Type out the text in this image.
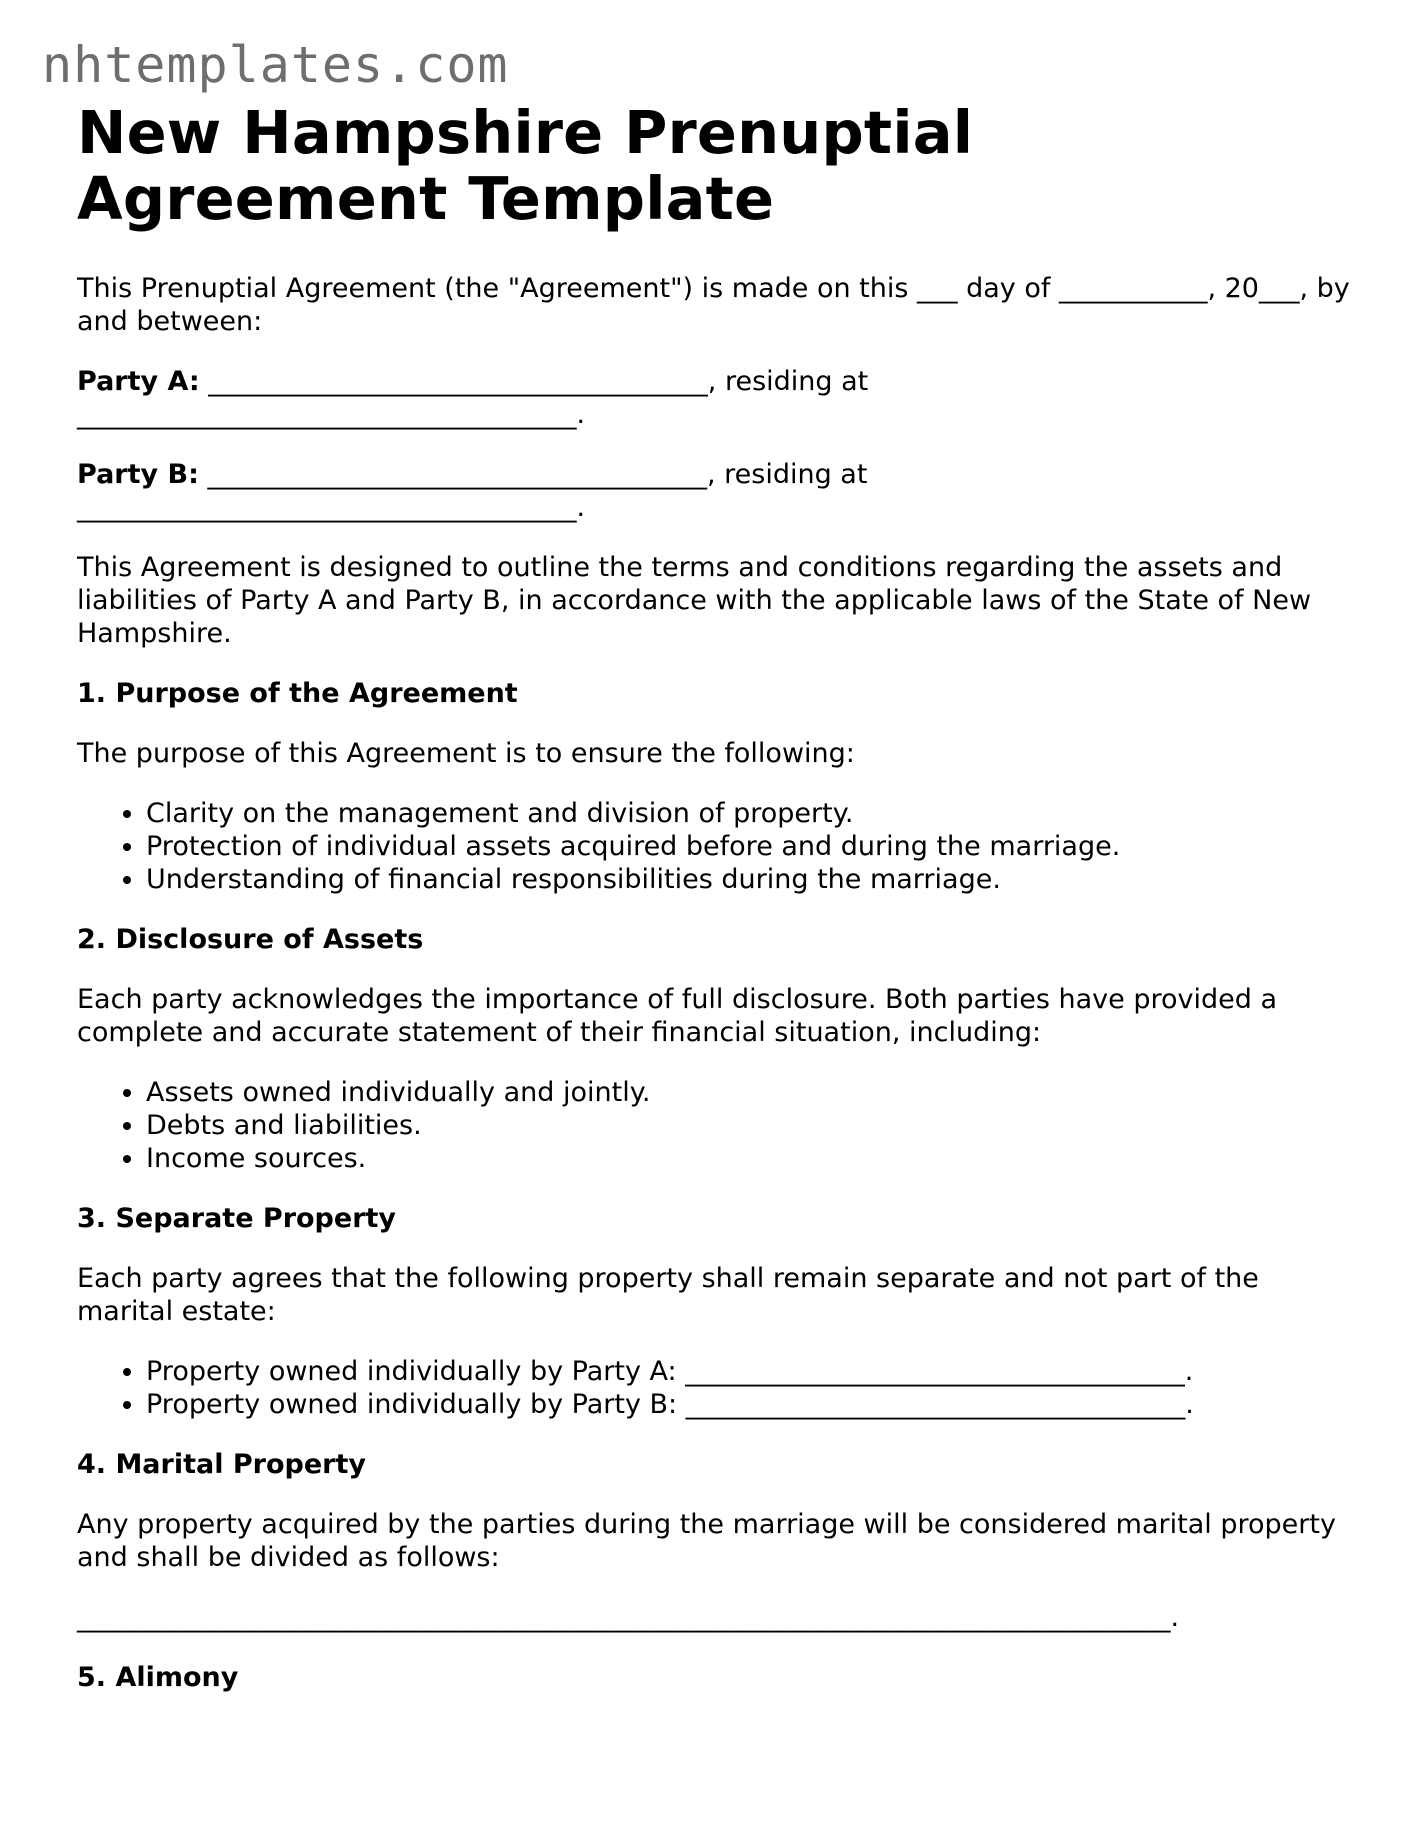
nhtemplates.com
New Hampshire Prenuptial Agreement Template

This Prenuptial Agreement (the "Agreement") is made on this ___ day of ___________, 20___, by and between:

Party A: _____________________________________, residing at _____________________________________.

Party B: _____________________________________, residing at _____________________________________.

This Agreement is designed to outline the terms and conditions regarding the assets and liabilities of Party A and Party B, in accordance with the applicable laws of the State of New Hampshire.

1. Purpose of the Agreement

The purpose of this Agreement is to ensure the following:

• Clarity on the management and division of property.
• Protection of individual assets acquired before and during the marriage.
• Understanding of financial responsibilities during the marriage.
2. Disclosure of Assets

Each party acknowledges the importance of full disclosure. Both parties have provided a complete and accurate statement of their financial situation, including:

• Assets owned individually and jointly.
• Debts and liabilities.
• Income sources.
3. Separate Property

Each party agrees that the following property shall remain separate and not part of the marital estate:

• Property owned individually by Party A: _____________________________________.
• Property owned individually by Party B: _____________________________________.
4. Marital Property

Any property acquired by the parties during the marriage will be considered marital property and shall be divided as follows:

_________________________________________________________________________________.

5. Alimony
